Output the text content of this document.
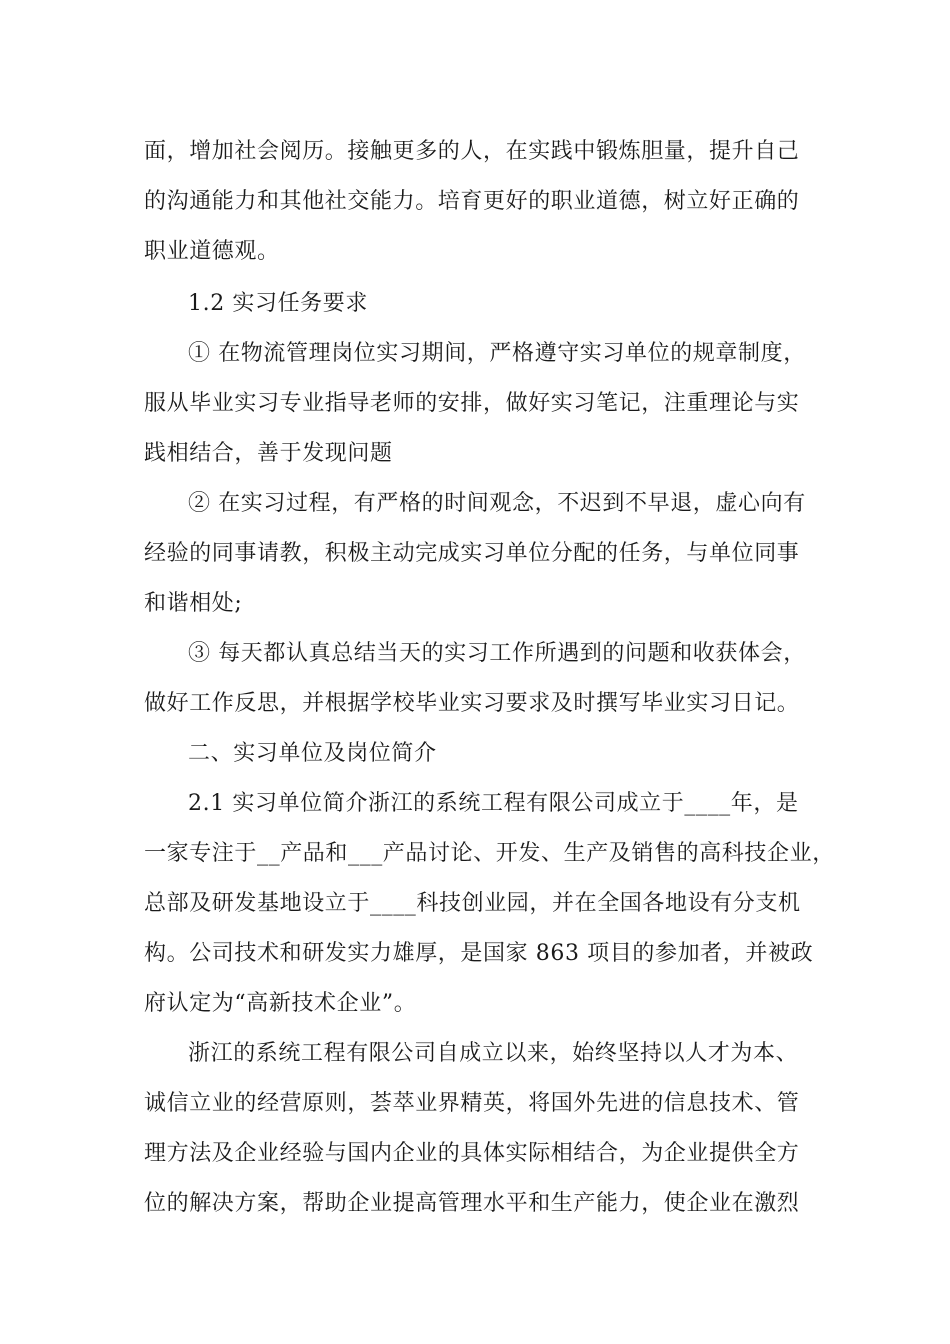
面，增加社会阅历。接触更多的人，在实践中锻炼胆量，提升自己
的沟通能力和其他社交能力。培育更好的职业道德，树立好正确的
职业道德观。
1.2 实习任务要求
① 在物流管理岗位实习期间，严格遵守实习单位的规章制度，
服从毕业实习专业指导老师的安排，做好实习笔记，注重理论与实
践相结合，善于发现问题
② 在实习过程，有严格的时间观念，不迟到不早退，虚心向有
经验的同事请教，积极主动完成实习单位分配的任务，与单位同事
和谐相处;
③ 每天都认真总结当天的实习工作所遇到的问题和收获体会，
做好工作反思，并根据学校毕业实习要求及时撰写毕业实习日记。
二、实习单位及岗位简介
2.1 实习单位简介浙江的系统工程有限公司成立于____年，是
一家专注于__产品和___产品讨论、开发、生产及销售的高科技企业，
总部及研发基地设立于____科技创业园，并在全国各地设有分支机
构。公司技术和研发实力雄厚，是国家 863 项目的参加者，并被政
府认定为“高新技术企业”。
浙江的系统工程有限公司自成立以来，始终坚持以人才为本、
诚信立业的经营原则，荟萃业界精英，将国外先进的信息技术、管
理方法及企业经验与国内企业的具体实际相结合，为企业提供全方
位的解决方案，帮助企业提高管理水平和生产能力，使企业在激烈
